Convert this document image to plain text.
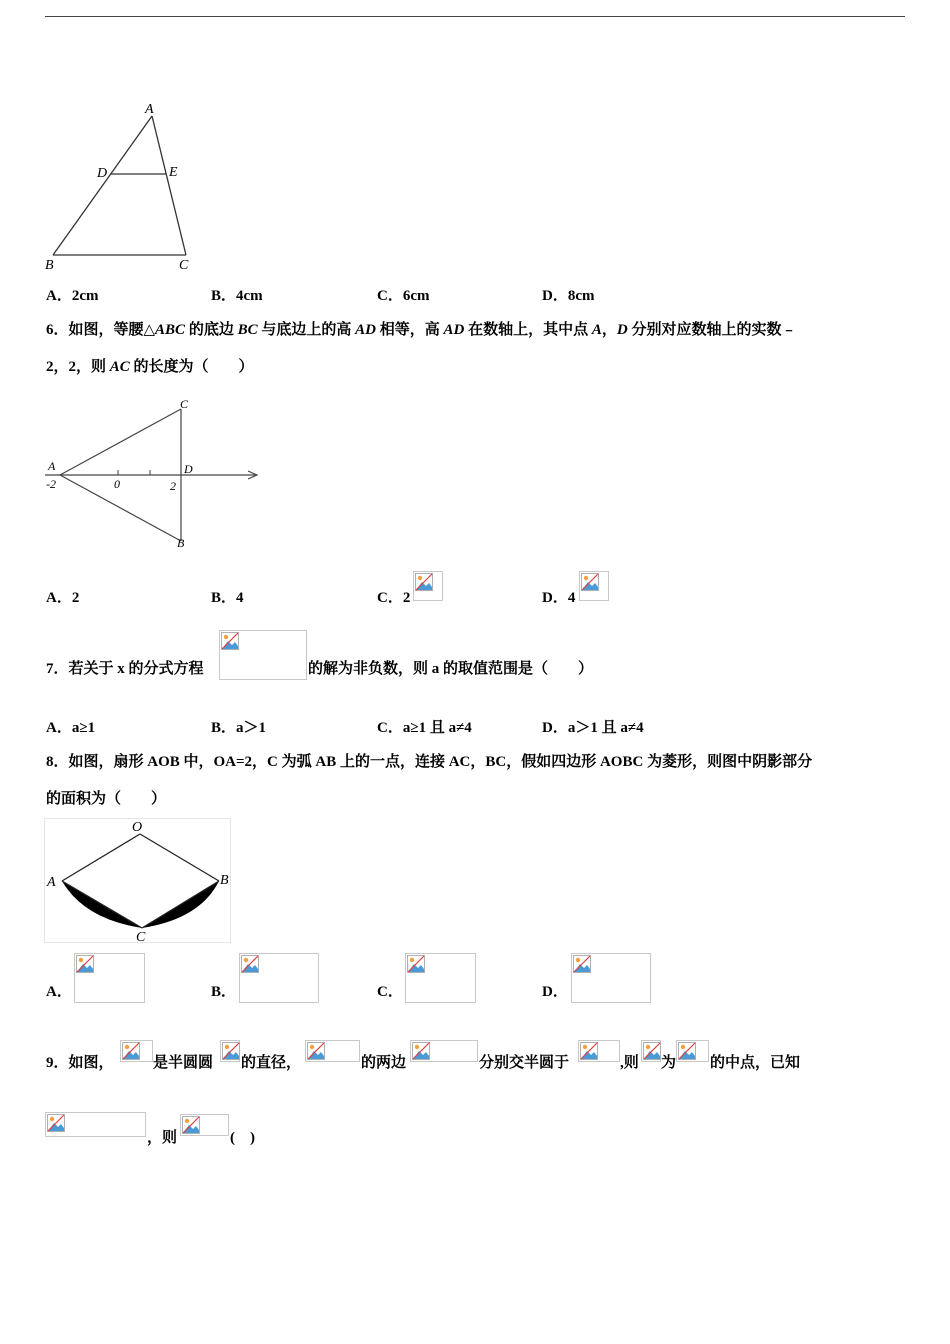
A
D	E
B	C
A．2cm	B．4cm	C．6cm	D．8cm
6．如图，等腰△ABC 的底边 BC 与底边上的高 AD 相等，高 AD 在数轴上，其中点 A，D 分别对应数轴上的实数﹣
2，2，则 AC 的长度为（　　）
A
C
D
B
-2	0	2
A．2	B．4	C．2	D．4
7．若关于 x 的分式方程	的解为非负数，则 a 的取值范围是（　　）
A．a≥1	B．a＞1	C．a≥1 且 a≠4	D．a＞1 且 a≠4
8．如图，扇形 AOB 中，OA=2，C 为弧 AB 上的一点，连接 AC，BC，假如四边形 AOBC 为菱形，则图中阴影部分
的面积为（　　）
O
A	B
C
A．	B．	C．	D．
9．如图，	是半圆圆 的直径，	的两边	分别交半圆于	,则 为 的中点，已知
，则	(　)
